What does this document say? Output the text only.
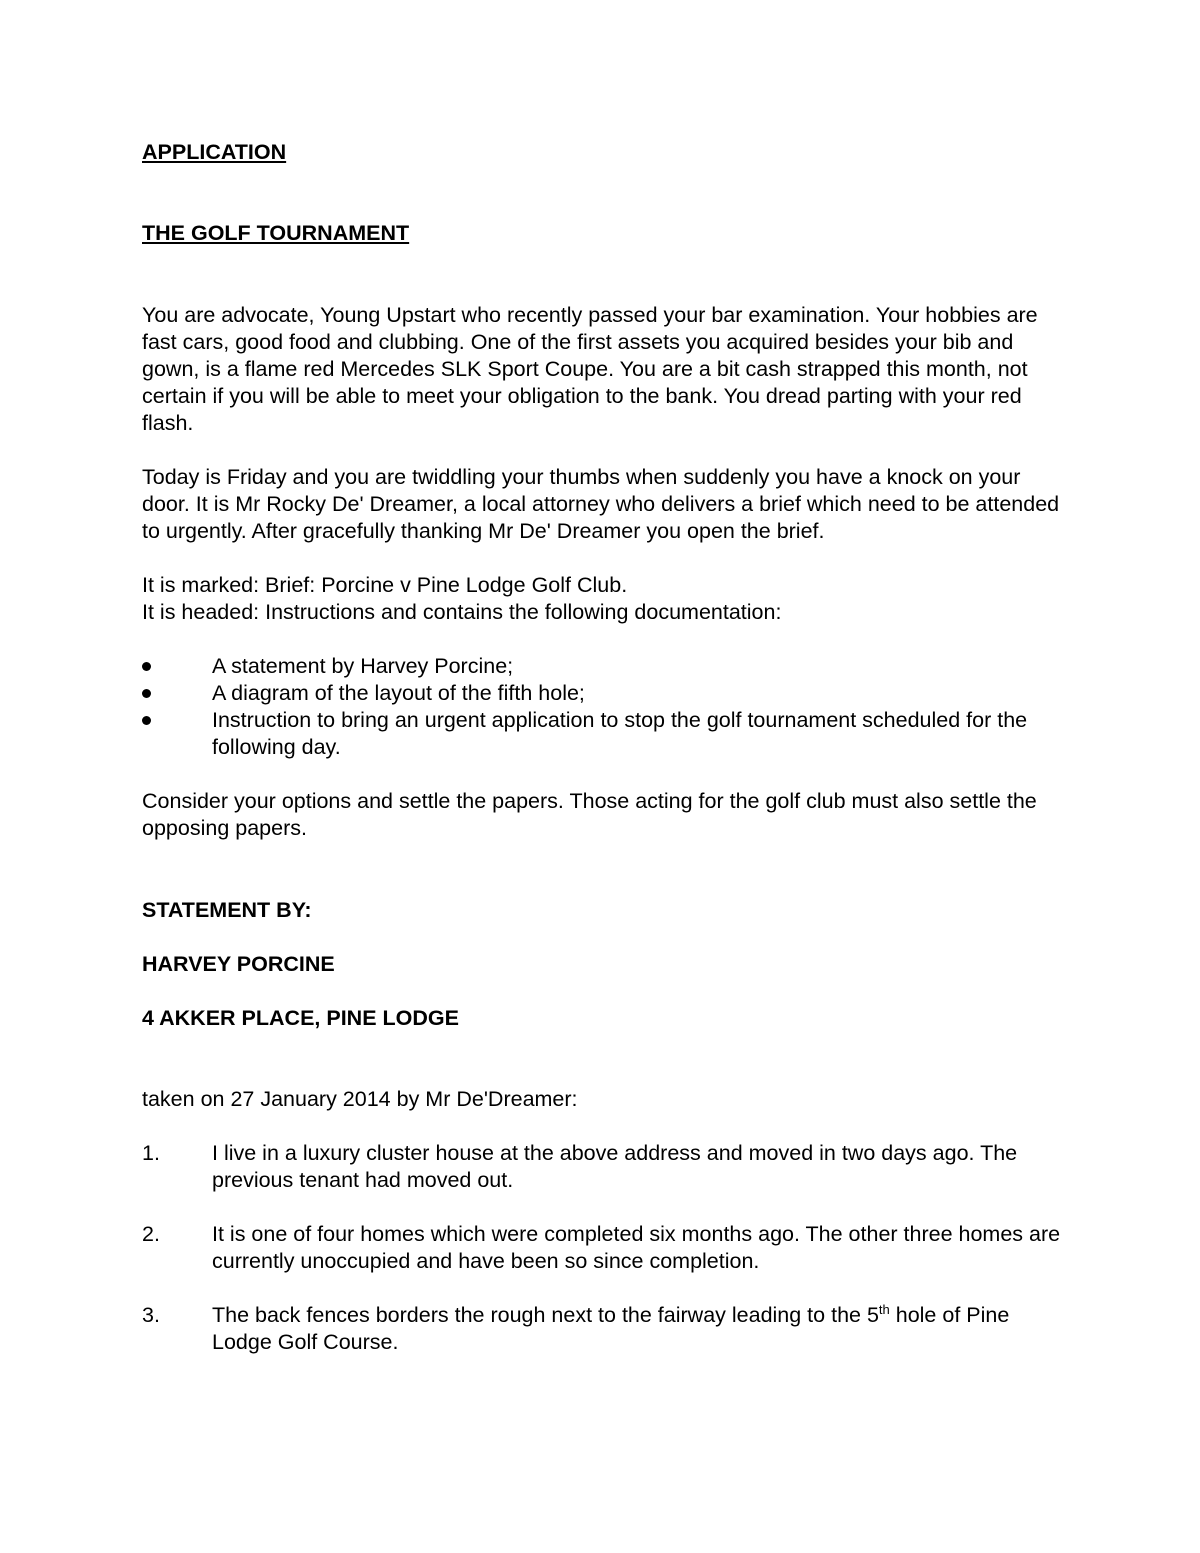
APPLICATION
THE GOLF TOURNAMENT

You are advocate, Young Upstart who recently passed your bar examination. Your hobbies are fast cars, good food and clubbing. One of the first assets you acquired besides your bib and gown, is a flame red Mercedes SLK Sport Coupe. You are a bit cash strapped this month, not certain if you will be able to meet your obligation to the bank. You dread parting with your red flash.

Today is Friday and you are twiddling your thumbs when suddenly you have a knock on your door. It is Mr Rocky De' Dreamer, a local attorney who delivers a brief which need to be attended to urgently. After gracefully thanking Mr De' Dreamer you open the brief.

It is marked: Brief: Porcine v Pine Lodge Golf Club.

It is headed: Instructions and contains the following documentation:

A statement by Harvey Porcine;
A diagram of the layout of the fifth hole;
Instruction to bring an urgent application to stop the golf tournament scheduled for the following day.

Consider your options and settle the papers. Those acting for the golf club must also settle the opposing papers.

STATEMENT BY:

HARVEY PORCINE

4 AKKER PLACE, PINE LODGE

taken on 27 January 2014 by Mr De'Dreamer:

1. I live in a luxury cluster house at the above address and moved in two days ago. The previous tenant had moved out.
2. It is one of four homes which were completed six months ago. The other three homes are currently unoccupied and have been so since completion.
3. The back fences borders the rough next to the fairway leading to the 5th hole of Pine Lodge Golf Course.
